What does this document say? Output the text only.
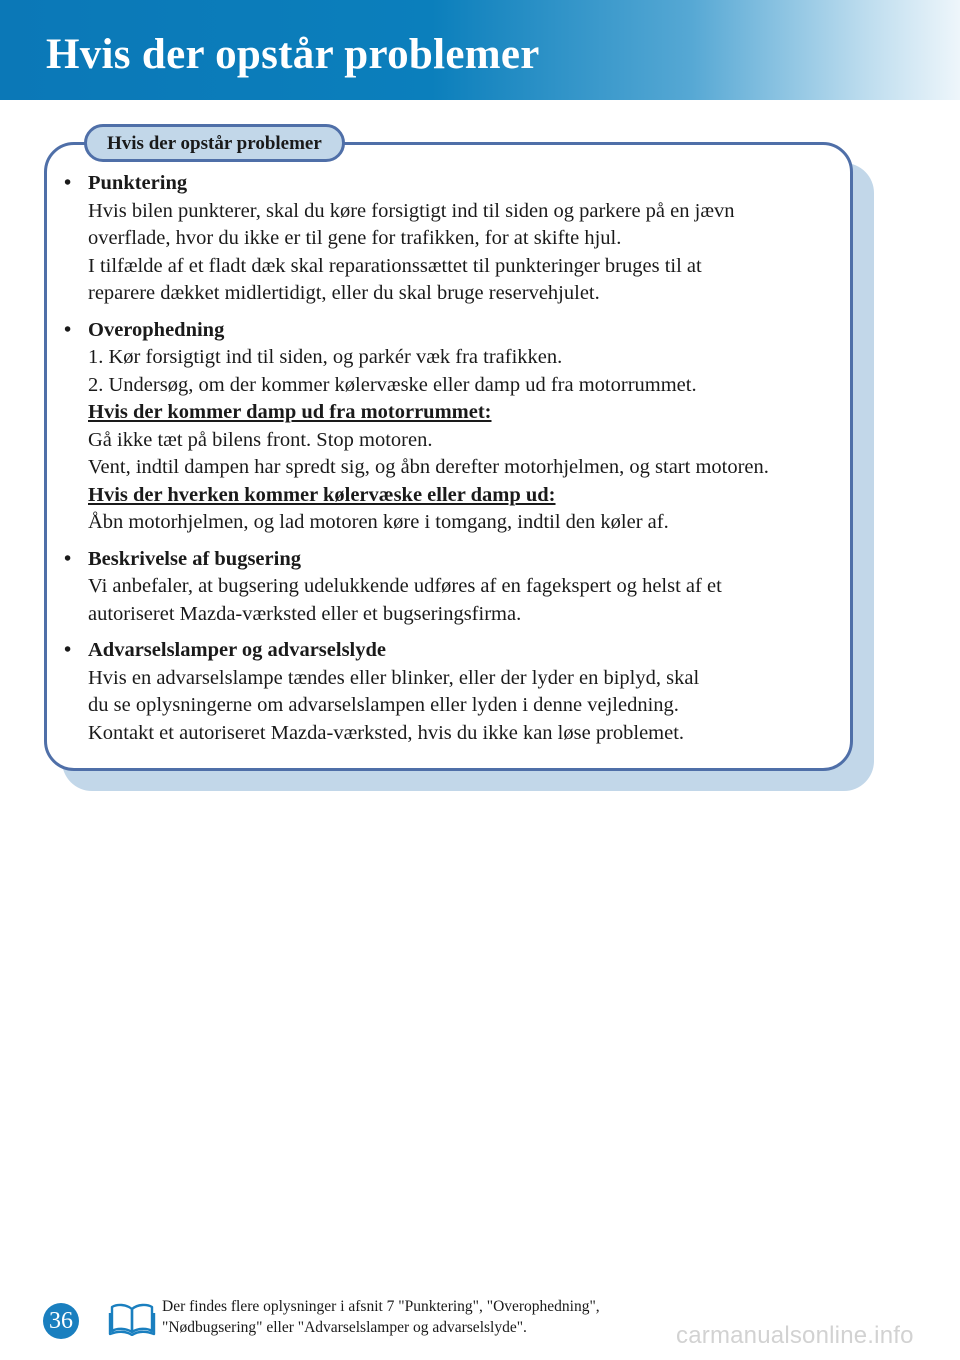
Hvis der opstår problemer
Hvis der opstår problemer
• Punktering
Hvis bilen punkterer, skal du køre forsigtigt ind til siden og parkere på en jævn
overflade, hvor du ikke er til gene for trafikken, for at skifte hjul.
I tilfælde af et fladt dæk skal reparationssættet til punkteringer bruges til at
reparere dækket midlertidigt, eller du skal bruge reservehjulet.
• Overophedning
1. Kør forsigtigt ind til siden, og parkér væk fra trafikken.
2. Undersøg, om der kommer kølervæske eller damp ud fra motorrummet.
Hvis der kommer damp ud fra motorrummet:
Gå ikke tæt på bilens front. Stop motoren.
Vent, indtil dampen har spredt sig, og åbn derefter motorhjelmen, og start motoren.
Hvis der hverken kommer kølervæske eller damp ud:
Åbn motorhjelmen, og lad motoren køre i tomgang, indtil den køler af.
• Beskrivelse af bugsering
Vi anbefaler, at bugsering udelukkende udføres af en fagekspert og helst af et
autoriseret Mazda-værksted eller et bugseringsfirma.
• Advarselslamper og advarselslyde
Hvis en advarselslampe tændes eller blinker, eller der lyder en biplyd, skal
du se oplysningerne om advarselslampen eller lyden i denne vejledning.
Kontakt et autoriseret Mazda-værksted, hvis du ikke kan løse problemet.
36
Der findes flere oplysninger i afsnit 7 "Punktering", "Overophedning",
"Nødbugsering" eller "Advarselslamper og advarselslyde".	carmanualsonline.info
